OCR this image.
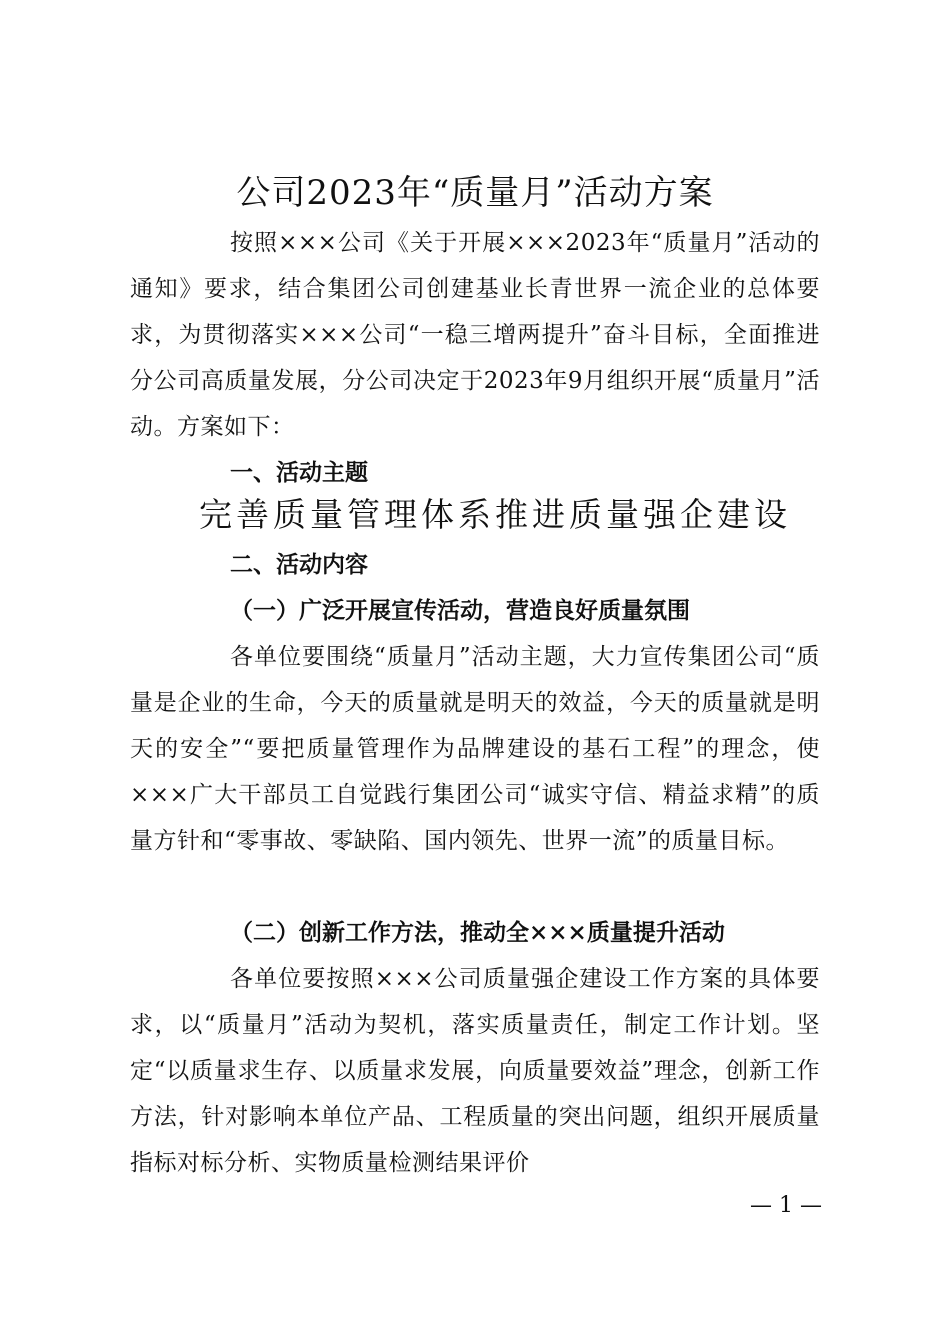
公司2023年“质量月”活动方案

按照×××公司《关于开展×××2023年“质量月”活动的通知》要求，结合集团公司创建基业长青世界一流企业的总体要求，为贯彻落实×××公司“一稳三增两提升”奋斗目标，全面推进分公司高质量发展，分公司决定于2023年9月组织开展“质量月”活动。方案如下：

一、活动主题
完善质量管理体系推进质量强企建设
二、活动内容
（一）广泛开展宣传活动，营造良好质量氛围

各单位要围绕“质量月”活动主题，大力宣传集团公司“质量是企业的生命，今天的质量就是明天的效益，今天的质量就是明天的安全”“要把质量管理作为品牌建设的基石工程”的理念，使×××广大干部员工自觉践行集团公司“诚实守信、精益求精”的质量方针和“零事故、零缺陷、国内领先、世界一流”的质量目标。

（二）创新工作方法，推动全×××质量提升活动

各单位要按照×××公司质量强企建设工作方案的具体要求，以“质量月”活动为契机，落实质量责任，制定工作计划。坚定“以质量求生存、以质量求发展，向质量要效益”理念，创新工作方法，针对影响本单位产品、工程质量的突出问题，组织开展质量指标对标分析、实物质量检测结果评价

— 1 —
